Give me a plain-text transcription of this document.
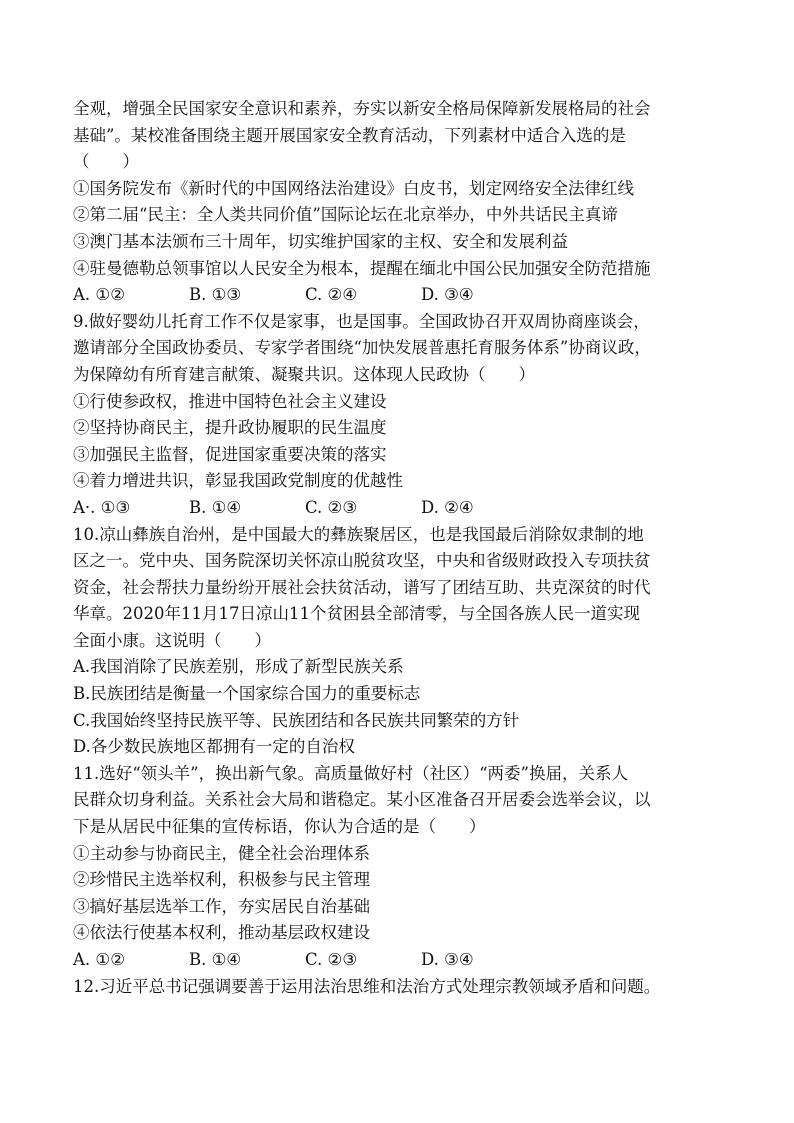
全观，增强全民国家安全意识和素养，夯实以新安全格局保障新发展格局的社会
基础”。某校准备围绕主题开展国家安全教育活动，下列素材中适合入选的是
（　　）
①国务院发布《新时代的中国网络法治建设》白皮书，划定网络安全法律红线
②第二届“民主：全人类共同价值”国际论坛在北京举办，中外共话民主真谛
③澳门基本法颁布三十周年，切实维护国家的主权、安全和发展利益
④驻曼德勒总领事馆以人民安全为根本，提醒在缅北中国公民加强安全防范措施
A. ①②	B. ①③	C. ②④	D. ③④
9.做好婴幼儿托育工作不仅是家事，也是国事。全国政协召开双周协商座谈会，
邀请部分全国政协委员、专家学者围绕“加快发展普惠托育服务体系”协商议政，
为保障幼有所育建言献策、凝聚共识。这体现人民政协（　　）
①行使参政权，推进中国特色社会主义建设
②坚持协商民主，提升政协履职的民生温度
③加强民主监督，促进国家重要决策的落实
④着力增进共识，彰显我国政党制度的优越性
A·. ①③	B. ①④	C. ②③	D. ②④
10.凉山彝族自治州，是中国最大的彝族聚居区，也是我国最后消除奴隶制的地
区之一。党中央、国务院深切关怀凉山脱贫攻坚，中央和省级财政投入专项扶贫
资金，社会帮扶力量纷纷开展社会扶贫活动，谱写了团结互助、共克深贫的时代
华章。2020年11月17日凉山11个贫困县全部清零，与全国各族人民一道实现
全面小康。这说明（　　）
A.我国消除了民族差别，形成了新型民族关系
B.民族团结是衡量一个国家综合国力的重要标志
C.我国始终坚持民族平等、民族团结和各民族共同繁荣的方针
D.各少数民族地区都拥有一定的自治权
11.选好“领头羊”，换出新气象。高质量做好村（社区）“两委”换届，关系人
民群众切身利益。关系社会大局和谐稳定。某小区准备召开居委会选举会议，以
下是从居民中征集的宣传标语，你认为合适的是（　　）
①主动参与协商民主，健全社会治理体系
②珍惜民主选举权利，积极参与民主管理
③搞好基层选举工作，夯实居民自治基础
④依法行使基本权利，推动基层政权建设
A. ①②	B. ①④	C. ②③	D. ③④
12.习近平总书记强调要善于运用法治思维和法治方式处理宗教领域矛盾和问题。
